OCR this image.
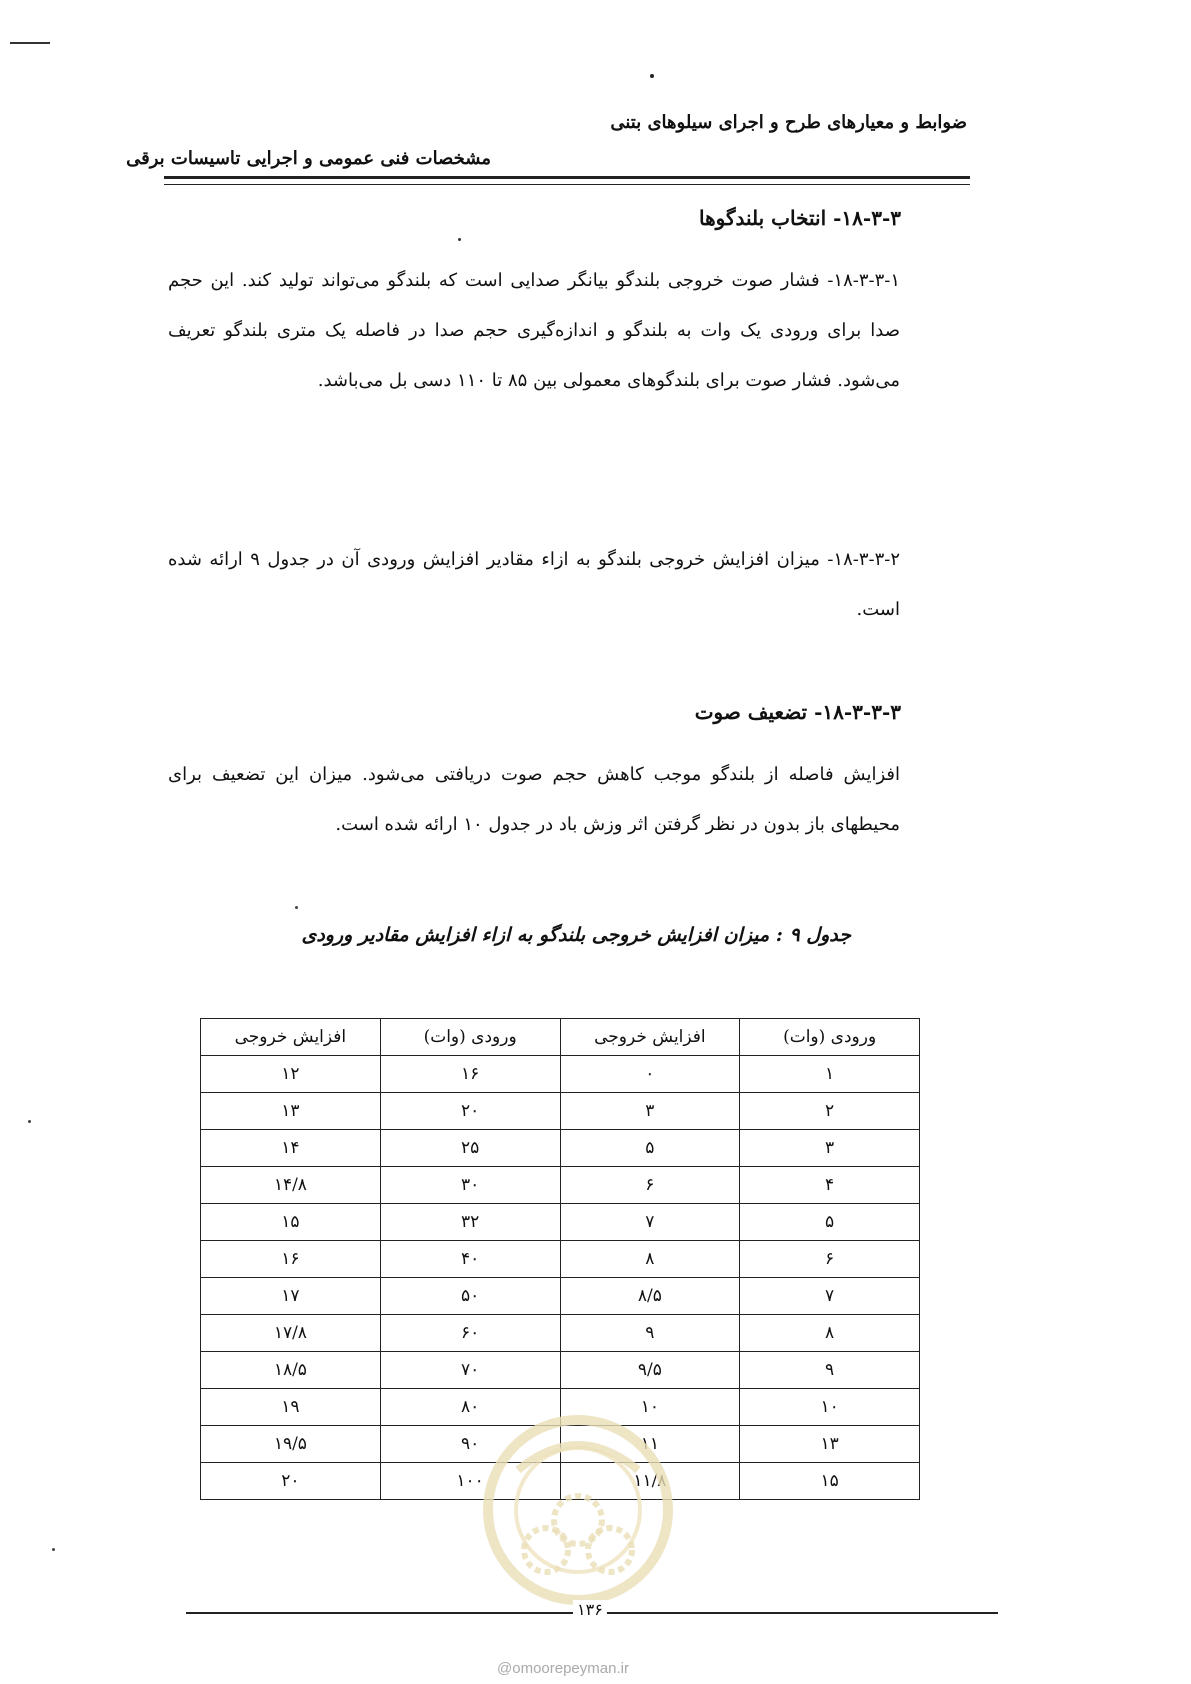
ضوابط و معیارهای طرح و اجرای سیلوهای بتنی
مشخصات فنی عمومی و اجرایی تاسیسات برقی
۱۸-۳-۳- انتخاب بلندگوها
۱۸-۳-۳-۱- فشار صوت خروجی بلندگو بیانگر صدایی است که بلندگو می‌تواند تولید کند. این حجم صدا برای ورودی یک وات به بلندگو و اندازه‌گیری حجم صدا در فاصله یک متری بلندگو تعریف می‌شود. فشار صوت برای بلندگوهای معمولی بین ۸۵ تا ۱۱۰ دسی بل می‌باشد.
۱۸-۳-۳-۲- میزان افزایش خروجی بلندگو به ازاء مقادیر افزایش ورودی آن در جدول ۹ ارائه شده است.
۱۸-۳-۳-۳- تضعیف صوت
افزایش فاصله از بلندگو موجب کاهش حجم صوت دریافتی می‌شود. میزان این تضعیف برای محیطهای باز بدون در نظر گرفتن اثر وزش باد در جدول ۱۰ ارائه شده است.
جدول ۹ : میزان افزایش خروجی بلندگو به ازاء افزایش مقادیر ورودی
ورودی (وات)	افزایش خروجی	ورودی (وات)	افزایش خروجی
۱	۰	۱۶	۱۲
۲	۳	۲۰	۱۳
۳	۵	۲۵	۱۴
۴	۶	۳۰	۱۴/۸
۵	۷	۳۲	۱۵
۶	۸	۴۰	۱۶
۷	۸/۵	۵۰	۱۷
۸	۹	۶۰	۱۷/۸
۹	۹/۵	۷۰	۱۸/۵
۱۰	۱۰	۸۰	۱۹
۱۳	۱۱	۹۰	۱۹/۵
۱۵	۱۱/۸	۱۰۰	۲۰
۱۳۶
@omoorepeyman.ir
